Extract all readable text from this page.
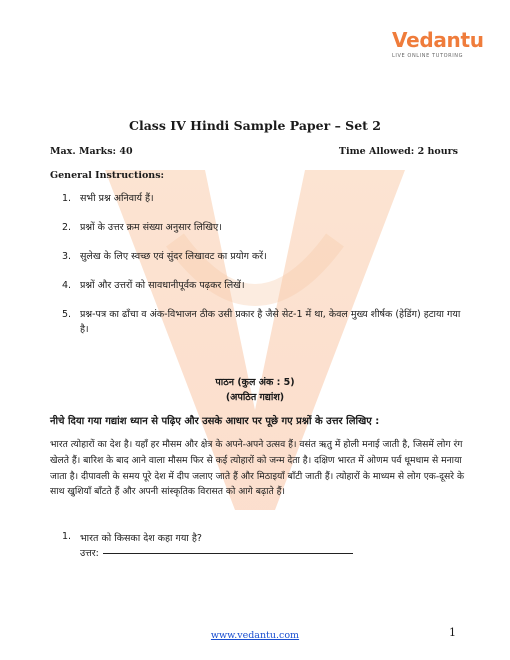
Vedantu
LIVE ONLINE TUTORING
Class IV Hindi Sample Paper – Set 2
Max. Marks: 40	Time Allowed: 2 hours
General Instructions:
1. सभी प्रश्न अनिवार्य हैं।
2. प्रश्नों के उत्तर क्रम संख्या अनुसार लिखिए।
3. सुलेख के लिए स्वच्छ एवं सुंदर लिखावट का प्रयोग करें।
4. प्रश्नों और उत्तरों को सावधानीपूर्वक पढ़कर लिखें।
5. प्रश्न-पत्र का ढाँचा व अंक-विभाजन ठीक उसी प्रकार है जैसे सेट-1 में था, केवल मुख्य शीर्षक (हेडिंग) हटाया गया है।
पाठन (कुल अंक : 5)
(अपठित गद्यांश)
नीचे दिया गया गद्यांश ध्यान से पढ़िए और उसके आधार पर पूछे गए प्रश्नों के उत्तर लिखिए :
भारत त्योहारों का देश है। यहाँ हर मौसम और क्षेत्र के अपने-अपने उत्सव हैं। वसंत ऋतु में होली मनाई जाती है, जिसमें लोग रंग खेलते हैं। बारिश के बाद आने वाला मौसम फिर से कई त्योहारों को जन्म देता है। दक्षिण भारत में ओणम पर्व धूमधाम से मनाया जाता है। दीपावली के समय पूरे देश में दीप जलाए जाते हैं और मिठाइयाँ बाँटी जाती हैं। त्योहारों के माध्यम से लोग एक-दूसरे के साथ खुशियाँ बाँटते हैं और अपनी सांस्कृतिक विरासत को आगे बढ़ाते हैं।
1. भारत को किसका देश कहा गया है?
उत्तर:
www.vedantu.com	1
